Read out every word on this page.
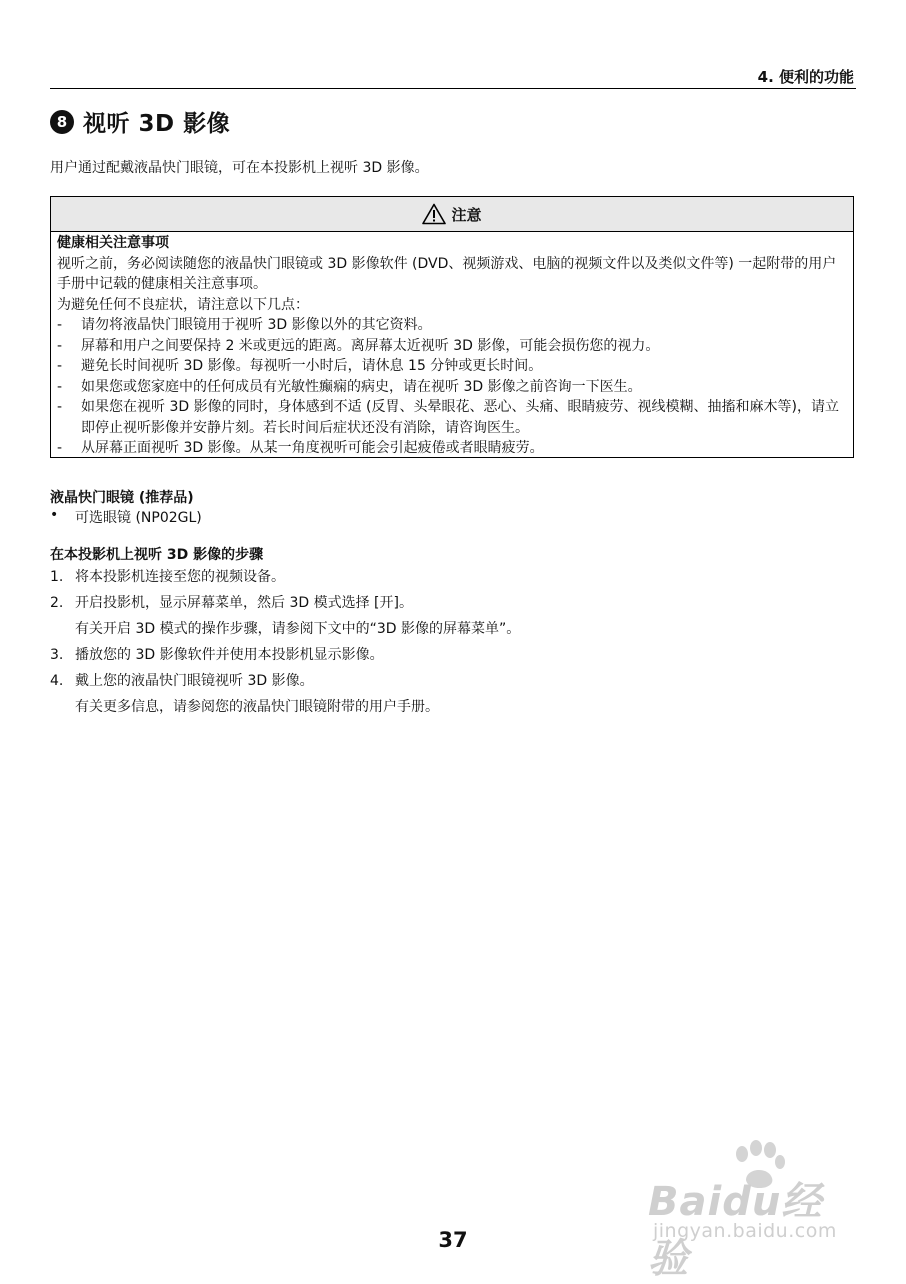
4. 便利的功能
8 视听 3D 影像
用户通过配戴液晶快门眼镜，可在本投影机上视听 3D 影像。
注意
健康相关注意事项
视听之前，务必阅读随您的液晶快门眼镜或 3D 影像软件 (DVD、视频游戏、电脑的视频文件以及类似文件等) 一起附带的用户手册中记载的健康相关注意事项。
为避免任何不良症状，请注意以下几点：
- 请勿将液晶快门眼镜用于视听 3D 影像以外的其它资料。
- 屏幕和用户之间要保持 2 米或更远的距离。离屏幕太近视听 3D 影像，可能会损伤您的视力。
- 避免长时间视听 3D 影像。每视听一小时后，请休息 15 分钟或更长时间。
- 如果您或您家庭中的任何成员有光敏性癫痫的病史，请在视听 3D 影像之前咨询一下医生。
- 如果您在视听 3D 影像的同时，身体感到不适 (反胃、头晕眼花、恶心、头痛、眼睛疲劳、视线模糊、抽搐和麻木等)，请立即停止视听影像并安静片刻。若长时间后症状还没有消除，请咨询医生。
- 从屏幕正面视听 3D 影像。从某一角度视听可能会引起疲倦或者眼睛疲劳。
液晶快门眼镜 (推荐品)
• 可选眼镜 (NP02GL)
在本投影机上视听 3D 影像的步骤
1. 将本投影机连接至您的视频设备。
2. 开启投影机，显示屏幕菜单，然后 3D 模式选择 [开]。
有关开启 3D 模式的操作步骤，请参阅下文中的“3D 影像的屏幕菜单”。
3. 播放您的 3D 影像软件并使用本投影机显示影像。
4. 戴上您的液晶快门眼镜视听 3D 影像。
有关更多信息，请参阅您的液晶快门眼镜附带的用户手册。
Baidu经验
jingyan.baidu.com
37
